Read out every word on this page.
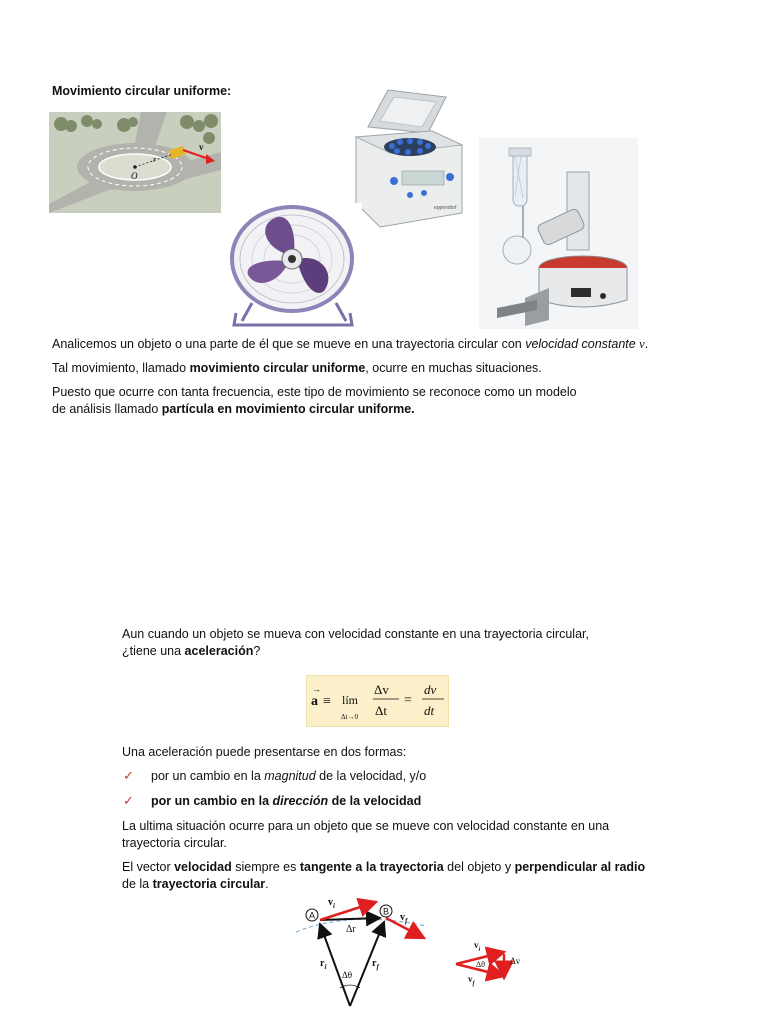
Movimiento circular uniforme:
O
r
v
eppendorf

Analicemos un objeto o una parte de él que se mueve en una trayectoria circular con velocidad constante v.

Tal movimiento, llamado movimiento circular uniforme, ocurre en muchas situaciones.

Puesto que ocurre con tanta frecuencia, este tipo de movimiento se reconoce como un modelo
de análisis llamado partícula en movimiento circular uniforme.

Aun cuando un objeto se mueva con velocidad constante en una trayectoria circular,
¿tiene una aceleración?

a
→
≡ lím
Δt→0
Δv
Δt
=
dv
dt

Una aceleración puede presentarse en dos formas:

✓ por un cambio en la magnitud de la velocidad, y/o
✓ por un cambio en la dirección de la velocidad

La ultima situación ocurre para un objeto que se mueve con velocidad constante en una
trayectoria circular.

El vector velocidad siempre es tangente a la trayectoria del objeto y perpendicular al radio
de la trayectoria circular.

A	B
$v_i$
$v_f$
Δr
$r_i$	$r_f$
Δθ
$v_i$
$v_f$
Δθ	Δv
